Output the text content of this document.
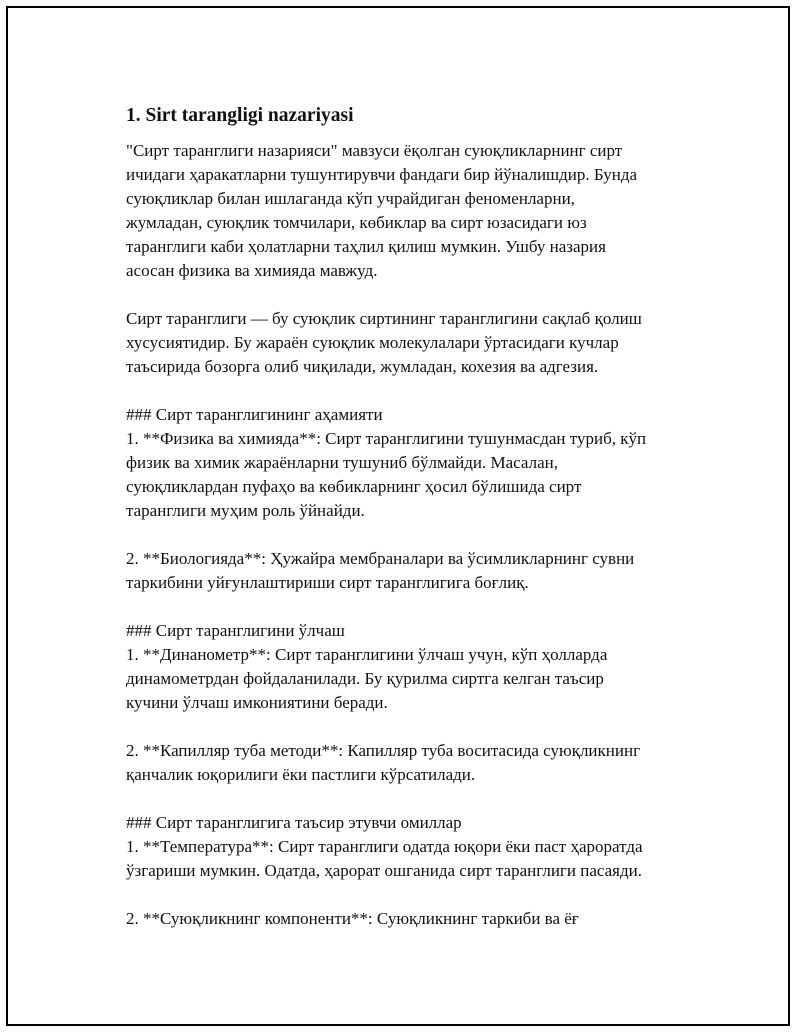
1. Sirt tarangligi nazariyasi
"Сирт таранглиги назарияси" мавзуси ёқолган суюқликларнинг сирт
ичидаги ҳаракатларни тушунтирувчи фандаги бир йўналишдир. Бунда
суюқликлар билан ишлаганда кўп учрайдиган феноменларни,
жумладан, суюқлик томчилари, көбиклар ва сирт юзасидаги юз
таранглиги каби ҳолатларни таҳлил қилиш мумкин. Ушбу назария
асосан физика ва химияда мавжуд.
Сирт таранглиги — бу суюқлик сиртининг таранглигини сақлаб қолиш
хусусиятидир. Бу жараён суюқлик молекулалари ўртасидаги кучлар
таъсирида бозорга олиб чиқилади, жумладан, кохезия ва адгезия.
### Сирт таранглигининг аҳамияти
1. **Физика ва химияда**: Сирт таранглигини тушунмасдан туриб, кўп
физик ва химик жараёнларни тушуниб бўлмайди. Масалан,
суюқликлардан пуфаҳо ва көбикларнинг ҳосил бўлишида сирт
таранглиги муҳим роль ўйнайди.
2. **Биологияда**: Ҳужайра мембраналари ва ўсимликларнинг сувни
таркибини уйғунлаштириши сирт таранглигига боғлиқ.
### Сирт таранглигини ўлчаш
1. **Динанометр**: Сирт таранглигини ўлчаш учун, кўп ҳолларда
динамометрдан фойдаланилади. Бу қурилма сиртга келган таъсир
кучини ўлчаш имкониятини беради.
2. **Капилляр туба методи**: Капилляр туба воситасида суюқликнинг
қанчалик юқорилиги ёки пастлиги кўрсатилади.
### Сирт таранглигига таъсир этувчи омиллар
1. **Температура**: Сирт таранглиги одатда юқори ёки паст ҳароратда
ўзгариши мумкин. Одатда, ҳарорат ошганида сирт таранглиги пасаяди.
2. **Суюқликнинг компоненти**: Суюқликнинг таркиби ва ёғ
